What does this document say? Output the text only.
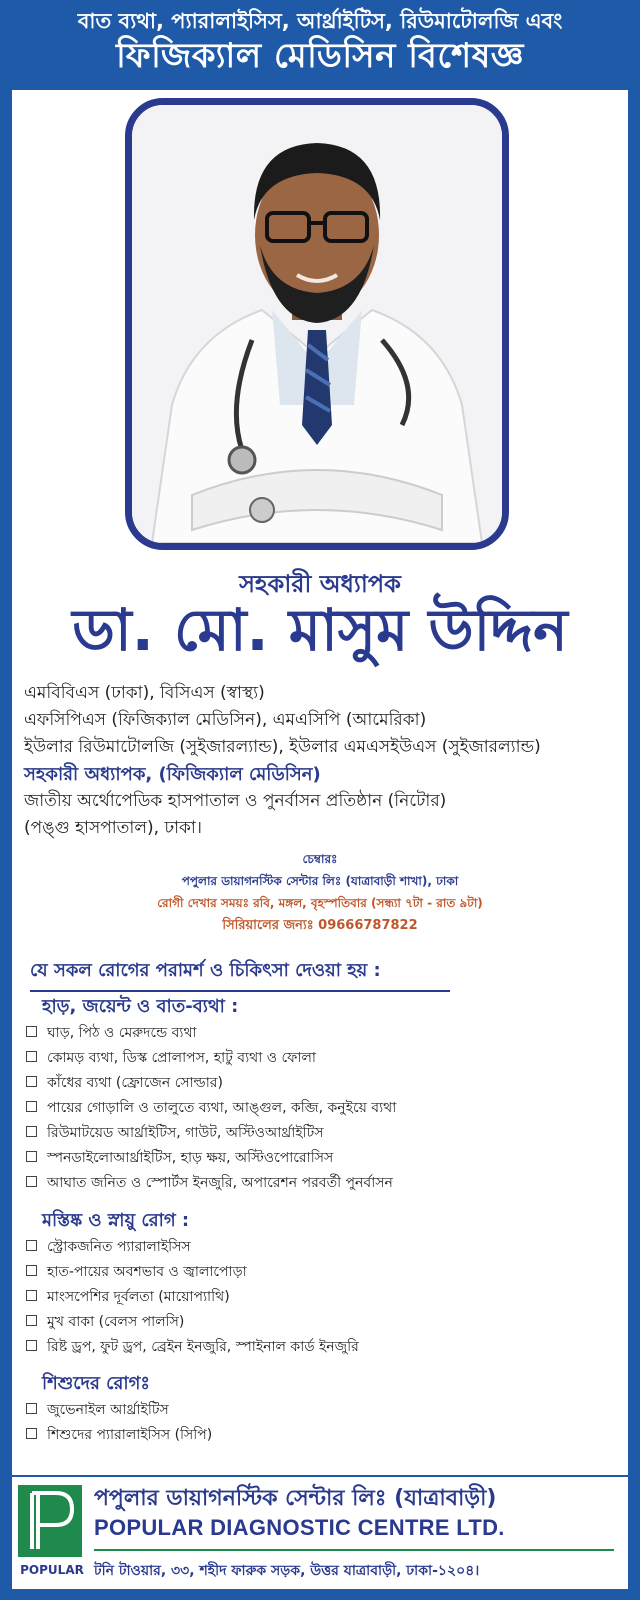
বাত ব্যথা, প্যারালাইসিস, আর্থ্রাইটিস, রিউমাটোলজি এবং
ফিজিক্যাল মেডিসিন বিশেষজ্ঞ
সহকারী অধ্যাপক
ডা. মো. মাসুম উদ্দিন
এমবিবিএস (ঢাকা), বিসিএস (স্বাস্থ্য)
এফসিপিএস (ফিজিক্যাল মেডিসিন), এমএসিপি (আমেরিকা)
ইউলার রিউমাটোলজি (সুইজারল্যান্ড), ইউলার এমএসইউএস (সুইজারল্যান্ড)
সহকারী অধ্যাপক, (ফিজিক্যাল মেডিসিন)
জাতীয় অর্থোপেডিক হাসপাতাল ও পুনর্বাসন প্রতিষ্ঠান (নিটোর)
(পঙ্গু হাসপাতাল), ঢাকা।
চেম্বারঃ
পপুলার ডায়াগনস্টিক সেন্টার লিঃ (যাত্রাবাড়ী শাখা), ঢাকা
রোগী দেখার সময়ঃ রবি, মঙ্গল, বৃহস্পতিবার (সন্ধ্যা ৭টা - রাত ৯টা)
সিরিয়ালের জন্যঃ 09666787822
যে সকল রোগের পরামর্শ ও চিকিৎসা দেওয়া হয় :
হাড়, জয়েন্ট ও বাত-ব্যথা :
ঘাড়, পিঠ ও মেরুদন্ডে ব্যথা
কোমড় ব্যথা, ডিস্ক প্রোলাপস, হাটু ব্যথা ও ফোলা
কাঁধের ব্যথা (ফ্রোজেন সোল্ডার)
পায়ের গোড়ালি ও তালুতে ব্যথা, আঙ্গুল, কব্জি, কনুইয়ে ব্যথা
রিউমাটয়েড আর্থ্রাইটিস, গাউট, অস্টিওআর্থ্রাইটিস
স্পনডাইলোআর্থ্রাইটিস, হাড় ক্ষয়, অস্টিওপোরোসিস
আঘাত জনিত ও স্পোর্টস ইনজুরি, অপারেশন পরবর্তী পুনর্বাসন
মস্তিষ্ক ও স্নায়ু রোগ :
স্ট্রোকজনিত প্যারালাইসিস
হাত-পায়ের অবশভাব ও জ্বালাপোড়া
মাংসপেশির দূর্বলতা (মায়োপ্যাথি)
মুখ বাকা (বেলস পালসি)
রিষ্ট ড্রপ, ফুট ড্রপ, ব্রেইন ইনজুরি, স্পাইনাল কার্ড ইনজুরি
শিশুদের রোগঃ
জুভেনাইল আর্থ্রাইটিস
শিশুদের প্যারালাইসিস (সিপি)
POPULAR
পপুলার ডায়াগনস্টিক সেন্টার লিঃ (যাত্রাবাড়ী)
POPULAR DIAGNOSTIC CENTRE LTD.
টনি টাওয়ার, ৩৩, শহীদ ফারুক সড়ক, উত্তর যাত্রাবাড়ী, ঢাকা-১২০৪।
